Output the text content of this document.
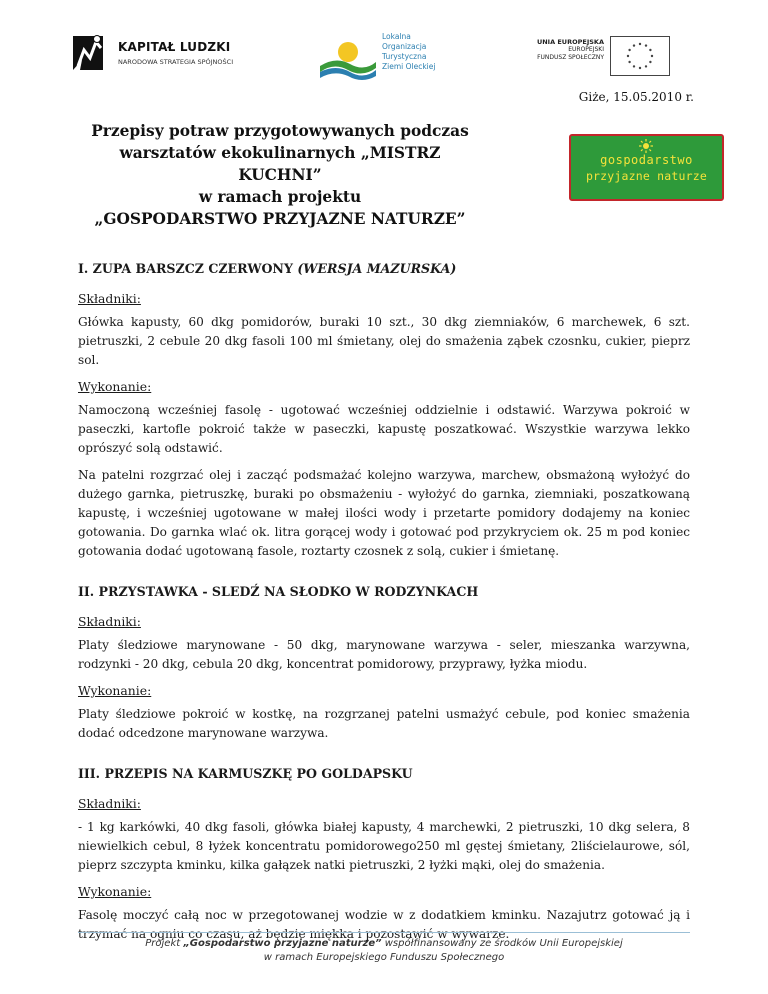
KAPITAŁ LUDZKI
NARODOWA STRATEGIA SPÓJNOŚCI
Lokalna
Organizacja
Turystyczna
Ziemi Oleckiej
UNIA EUROPEJSKA
EUROPEJSKI
FUNDUSZ SPOŁECZNY
Giże, 15.05.2010 r.
Przepisy potraw przygotowywanych podczas
warsztatów ekokulinarnych „MISTRZ KUCHNI”
w ramach projektu
„GOSPODARSTWO PRZYJAZNE NATURZE”
gospodarstwo
przyjazne naturze
I. ZUPA BARSZCZ CZERWONY (WERSJA MAZURSKA)
Składniki:
Główka kapusty, 60 dkg pomidorów, buraki 10 szt., 30 dkg ziemniaków, 6 marchewek, 6 szt. pietruszki, 2 cebule 20 dkg fasoli 100 ml śmietany, olej do smażenia ząbek czosnku, cukier, pieprz sol.
Wykonanie:
Namoczoną wcześniej fasolę - ugotować wcześniej oddzielnie i odstawić. Warzywa pokroić w paseczki, kartofle pokroić także w paseczki, kapustę poszatkować. Wszystkie warzywa lekko oprószyć solą odstawić.
Na patelni rozgrzać olej i zacząć podsmażać kolejno warzywa, marchew, obsmażoną wyłożyć do dużego garnka, pietruszkę, buraki po obsmażeniu - wyłożyć do garnka, ziemniaki, poszatkowaną kapustę, i wcześniej ugotowane w małej ilości wody i przetarte pomidory dodajemy na koniec gotowania. Do garnka wlać ok. litra gorącej wody i gotować pod przykryciem ok. 25 m pod koniec gotowania dodać ugotowaną fasole, roztarty czosnek z solą, cukier i śmietanę.
II. PRZYSTAWKA - SLEDŹ NA SŁODKO W RODZYNKACH
Składniki:
Platy śledziowe marynowane - 50 dkg, marynowane warzywa - seler, mieszanka warzywna, rodzynki - 20 dkg, cebula 20 dkg, koncentrat pomidorowy, przyprawy, łyżka miodu.
Wykonanie:
Platy śledziowe pokroić w kostkę, na rozgrzanej patelni usmażyć cebule, pod koniec smażenia dodać odcedzone marynowane warzywa.
III. PRZEPIS NA KARMUSZKĘ PO GOLDAPSKU
Składniki:
- 1 kg karkówki, 40 dkg fasoli, główka białej kapusty, 4 marchewki, 2 pietruszki, 10 dkg selera, 8 niewielkich cebul, 8 łyżek koncentratu pomidorowego250 ml gęstej śmietany, 2liścielaurowe, sól, pieprz szczypta kminku, kilka gałązek natki pietruszki, 2 łyżki mąki, olej do smażenia.
Wykonanie:
Fasolę moczyć całą noc w przegotowanej wodzie w z dodatkiem kminku. Nazajutrz gotować ją i trzymać na ogniu co czasu, aż będzie miękka i pozostawić w wywarze.
Projekt „Gospodarstwo przyjazne naturze” współfinansowany ze środków Unii Europejskiej
w ramach Europejskiego Funduszu Społecznego
